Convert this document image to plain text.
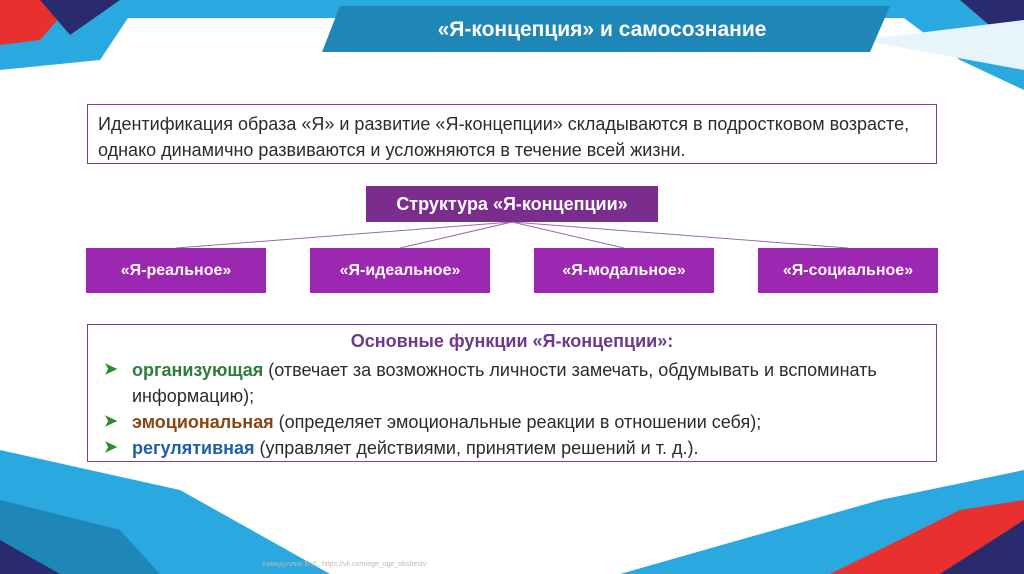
«Я-концепция» и самосознание
Идентификация образа «Я» и развитие «Я-концепции» складываются в подростковом возрасте, однако динамично развиваются и усложняются в течение всей жизни.
Структура «Я-концепции»
«Я-реальное»	«Я-идеальное»	«Я-модальное»	«Я-социальное»
Основные функции «Я-концепции»:
➤ организующая (отвечает за возможность личности замечать, обдумывать и вспоминать информацию);
➤ эмоциональная (определяет эмоциональные реакции в отношении себя);
➤ регулятивная (управляет действиями, принятием решений и т. д.).
Хамидуллин Б.И., https://vk.com/ege_oge_obshestv
